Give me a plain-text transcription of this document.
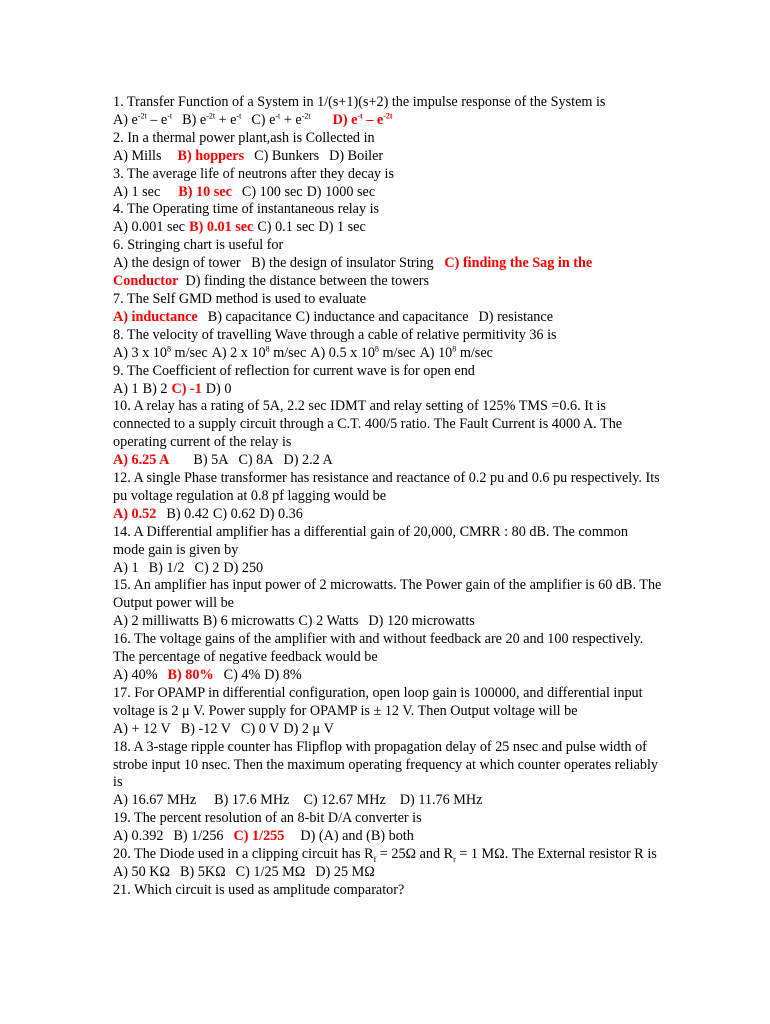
1. Transfer Function of a System in 1/(s+1)(s+2) the impulse response of the System is
A) $e^{-2t} - e^{-t}$ B) $e^{-2t} + e^{-t}$ C) $e^{-t} + e^{-2t}$ D) $e^{-t} - e^{-2t}$
2. In a thermal power plant,ash is Collected in
A) Mills B) hoppers C) Bunkers D) Boiler
3. The average life of neutrons after they decay is
A) 1 sec B) 10 sec C) 100 sec D) 1000 sec
4. The Operating time of instantaneous relay is
A) 0.001 sec B) 0.01 sec C) 0.1 sec D) 1 sec
6. Stringing chart is useful for
A) the design of tower B) the design of insulator String C) finding the Sag in the Conductor D) finding the distance between the towers
7. The Self GMD method is used to evaluate
A) inductance B) capacitance C) inductance and capacitance D) resistance
8. The velocity of travelling Wave through a cable of relative permitivity 36 is
A) 3 x $10^8$ m/sec A) 2 x $10^8$ m/sec A) 0.5 x $10^8$ m/sec A) $10^8$ m/sec
9. The Coefficient of reflection for current wave is for open end
A) 1 B) 2 C) -1 D) 0
10. A relay has a rating of 5A, 2.2 sec IDMT and relay setting of 125% TMS =0.6. It is connected to a supply circuit through a C.T. 400/5 ratio. The Fault Current is 4000 A. The operating current of the relay is
A) 6.25 A B) 5A C) 8A D) 2.2 A
12. A single Phase transformer has resistance and reactance of 0.2 pu and 0.6 pu respectively. Its pu voltage regulation at 0.8 pf lagging would be
A) 0.52 B) 0.42 C) 0.62 D) 0.36
14. A Differential amplifier has a differential gain of 20,000, CMRR : 80 dB. The common mode gain is given by
A) 1 B) 1/2 C) 2 D) 250
15. An amplifier has input power of 2 microwatts. The Power gain of the amplifier is 60 dB. The Output power will be
A) 2 milliwatts B) 6 microwatts C) 2 Watts D) 120 microwatts
16. The voltage gains of the amplifier with and without feedback are 20 and 100 respectively. The percentage of negative feedback would be
A) 40% B) 80% C) 4% D) 8%
17. For OPAMP in differential configuration, open loop gain is 100000, and differential input voltage is 2 μ V. Power supply for OPAMP is ± 12 V. Then Output voltage will be
A) + 12 V B) -12 V C) 0 V D) 2 μ V
18. A 3-stage ripple counter has Flipflop with propagation delay of 25 nsec and pulse width of strobe input 10 nsec. Then the maximum operating frequency at which counter operates reliably is
A) 16.67 MHz B) 17.6 MHz C) 12.67 MHz D) 11.76 MHz
19. The percent resolution of an 8-bit D/A converter is
A) 0.392 B) 1/256 C) 1/255 D) (A) and (B) both
20. The Diode used in a clipping circuit has $R_f = 25\Omega$ and $R_r = 1$ MΩ. The External resistor R is
A) 50 KΩ B) 5KΩ C) 1/25 MΩ D) 25 MΩ
21. Which circuit is used as amplitude comparator?
